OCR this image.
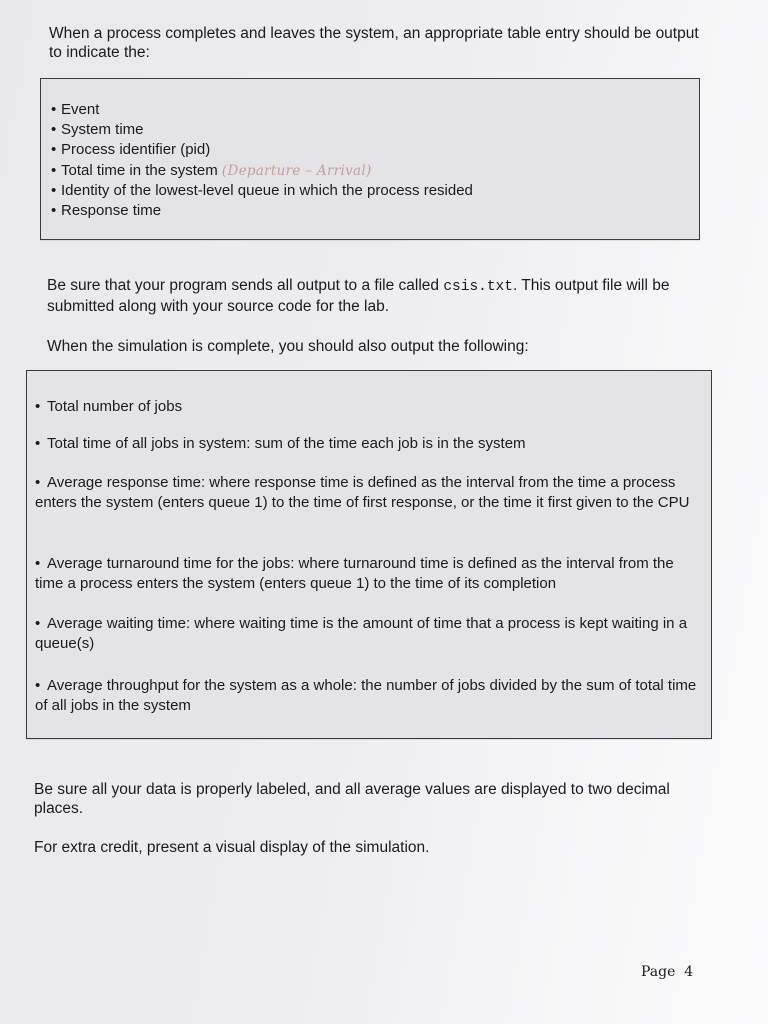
When a process completes and leaves the system, an appropriate table entry should be output to indicate the:

• Event
• System time
• Process identifier (pid)
• Total time in the system (Departure – Arrival)
• Identity of the lowest-level queue in which the process resided
• Response time

Be sure that your program sends all output to a file called csis.txt. This output file will be submitted along with your source code for the lab.

When the simulation is complete, you should also output the following:

• Total number of jobs
• Total time of all jobs in system: sum of the time each job is in the system
• Average response time: where response time is defined as the interval from the time a process enters the system (enters queue 1) to the time of first response, or the time it first given to the CPU
• Average turnaround time for the jobs: where turnaround time is defined as the interval from the time a process enters the system (enters queue 1) to the time of its completion
• Average waiting time: where waiting time is the amount of time that a process is kept waiting in a queue(s)
• Average throughput for the system as a whole: the number of jobs divided by the sum of total time of all jobs in the system

Be sure all your data is properly labeled, and all average values are displayed to two decimal places.

For extra credit, present a visual display of the simulation.

Page 4
